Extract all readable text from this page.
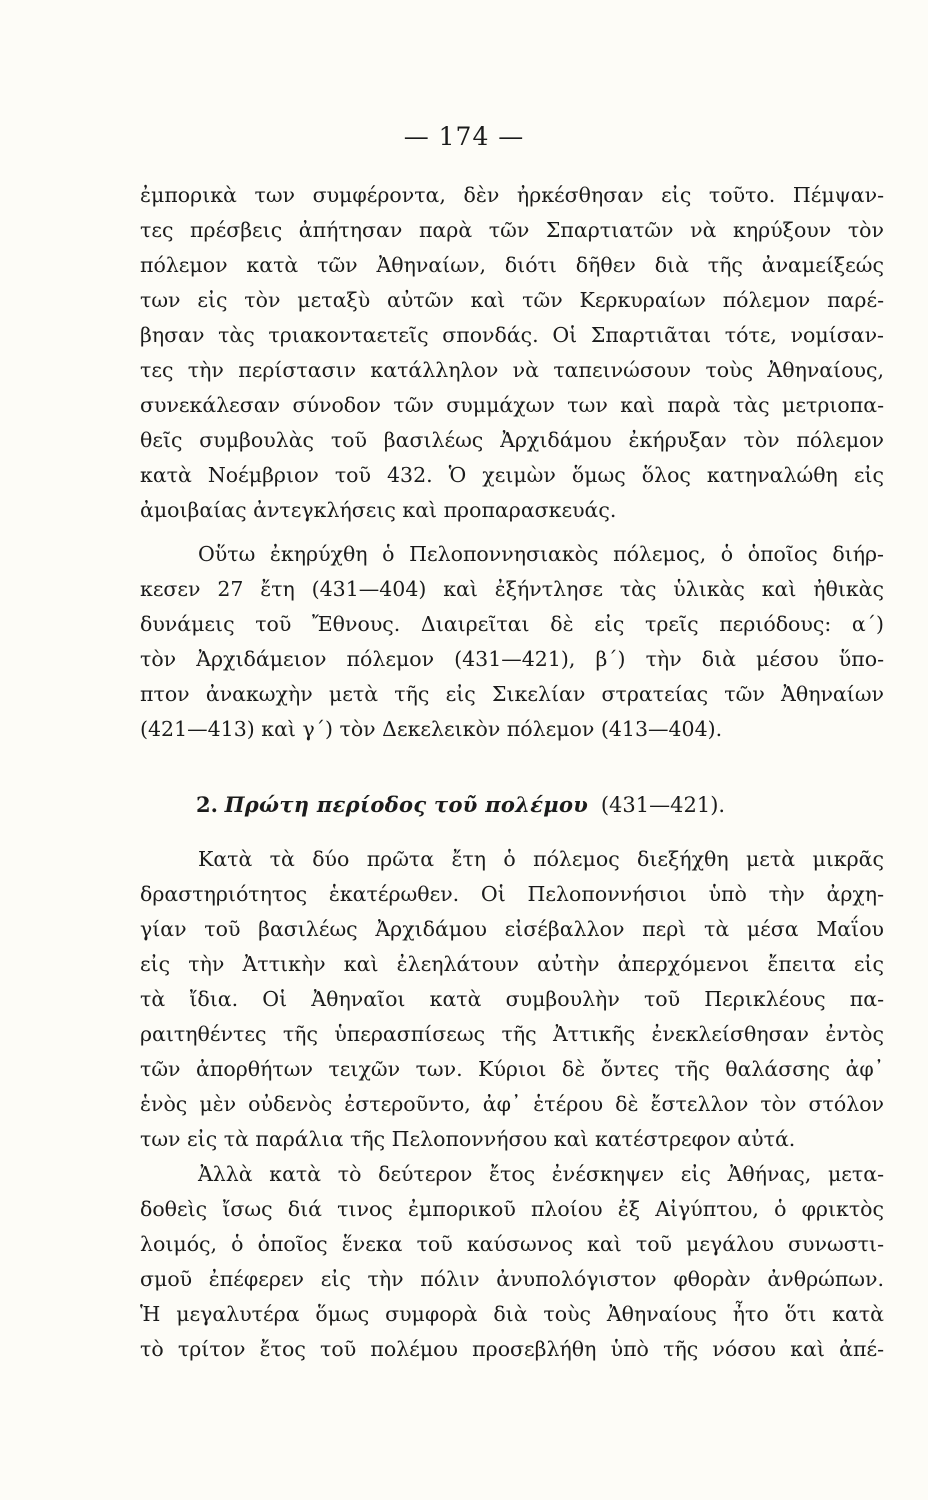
— 174 —
ἐμπορικὰ των συμφέροντα, δὲν ἠρκέσθησαν εἰς τοῦτο. Πέμψαν-
τες πρέσβεις ἀπήτησαν παρὰ τῶν Σπαρτιατῶν νὰ κηρύξουν τὸν
πόλεμον κατὰ τῶν Ἀθηναίων, διότι δῆθεν διὰ τῆς ἀναμείξεώς
των εἰς τὸν μεταξὺ αὐτῶν καὶ τῶν Κερκυραίων πόλεμον παρέ-
βησαν τὰς τριακονταετεῖς σπονδάς. Οἱ Σπαρτιᾶται τότε, νομίσαν-
τες τὴν περίστασιν κατάλληλον νὰ ταπεινώσουν τοὺς Ἀθηναίους,
συνεκάλεσαν σύνοδον τῶν συμμάχων των καὶ παρὰ τὰς μετριοπα-
θεῖς συμβουλὰς τοῦ βασιλέως Ἀρχιδάμου ἐκήρυξαν τὸν πόλεμον
κατὰ Νοέμβριον τοῦ 432. Ὁ χειμὼν ὅμως ὅλος κατηναλώθη εἰς
ἀμοιβαίας ἀντεγκλήσεις καὶ προπαρασκευάς.
Οὕτω ἐκηρύχθη ὁ Πελοποννησιακὸς πόλεμος, ὁ ὁποῖος διήρ-
κεσεν 27 ἔτη (431—404) καὶ ἐξήντλησε τὰς ὑλικὰς καὶ ἠθικὰς
δυνάμεις τοῦ Ἔθνους. Διαιρεῖται δὲ εἰς τρεῖς περιόδους: α΄)
τὸν Ἀρχιδάμειον πόλεμον (431—421), β΄) τὴν διὰ μέσου ὕπο-
πτον ἀνακωχὴν μετὰ τῆς εἰς Σικελίαν στρατείας τῶν Ἀθηναίων
(421—413) καὶ γ΄) τὸν Δεκελεικὸν πόλεμον (413—404).
2. Πρώτη περίοδος τοῦ πολέμου (431—421).
Κατὰ τὰ δύο πρῶτα ἔτη ὁ πόλεμος διεξήχθη μετὰ μικρᾶς
δραστηριότητος ἑκατέρωθεν. Οἱ Πελοποννήσιοι ὑπὸ τὴν ἀρχη-
γίαν τοῦ βασιλέως Ἀρχιδάμου εἰσέβαλλον περὶ τὰ μέσα Μαΐου
εἰς τὴν Ἀττικὴν καὶ ἐλεηλάτουν αὐτὴν ἀπερχόμενοι ἔπειτα εἰς
τὰ ἴδια. Οἱ Ἀθηναῖοι κατὰ συμβουλὴν τοῦ Περικλέους πα-
ραιτηθέντες τῆς ὑπερασπίσεως τῆς Ἀττικῆς ἐνεκλείσθησαν ἐντὸς
τῶν ἀπορθήτων τειχῶν των. Κύριοι δὲ ὄντες τῆς θαλάσσης ἀφ᾽
ἑνὸς μὲν οὐδενὸς ἐστεροῦντο, ἀφ᾽ ἑτέρου δὲ ἔστελλον τὸν στόλον
των εἰς τὰ παράλια τῆς Πελοποννήσου καὶ κατέστρεφον αὐτά.
Ἀλλὰ κατὰ τὸ δεύτερον ἔτος ἐνέσκηψεν εἰς Ἀθήνας, μετα-
δοθεὶς ἴσως διά τινος ἐμπορικοῦ πλοίου ἐξ Αἰγύπτου, ὁ φρικτὸς
λοιμός, ὁ ὁποῖος ἕνεκα τοῦ καύσωνος καὶ τοῦ μεγάλου συνωστι-
σμοῦ ἐπέφερεν εἰς τὴν πόλιν ἀνυπολόγιστον φθορὰν ἀνθρώπων.
Ἡ μεγαλυτέρα ὅμως συμφορὰ διὰ τοὺς Ἀθηναίους ἦτο ὅτι κατὰ
τὸ τρίτον ἔτος τοῦ πολέμου προσεβλήθη ὑπὸ τῆς νόσου καὶ ἀπέ-
